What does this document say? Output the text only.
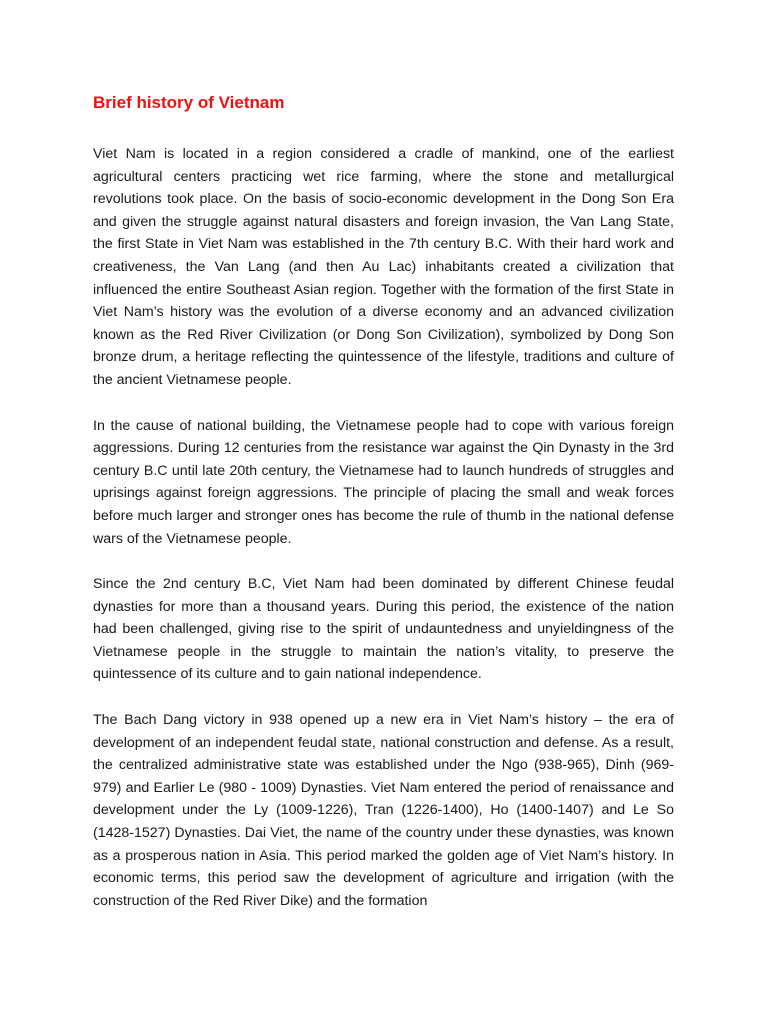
Brief history of Vietnam

Viet Nam is located in a region considered a cradle of mankind, one of the earliest agricultural centers practicing wet rice farming, where the stone and metallurgical revolutions took place. On the basis of socio-economic development in the Dong Son Era and given the struggle against natural disasters and foreign invasion, the Van Lang State, the first State in Viet Nam was established in the 7th century B.C. With their hard work and creativeness, the Van Lang (and then Au Lac) inhabitants created a civilization that influenced the entire Southeast Asian region. Together with the formation of the first State in Viet Nam’s history was the evolution of a diverse economy and an advanced civilization known as the Red River Civilization (or Dong Son Civilization), symbolized by Dong Son bronze drum, a heritage reflecting the quintessence of the lifestyle, traditions and culture of the ancient Vietnamese people.

In the cause of national building, the Vietnamese people had to cope with various foreign aggressions. During 12 centuries from the resistance war against the Qin Dynasty in the 3rd century B.C until late 20th century, the Vietnamese had to launch hundreds of struggles and uprisings against foreign aggressions. The principle of placing the small and weak forces before much larger and stronger ones has become the rule of thumb in the national defense wars of the Vietnamese people.

Since the 2nd century B.C, Viet Nam had been dominated by different Chinese feudal dynasties for more than a thousand years. During this period, the existence of the nation had been challenged, giving rise to the spirit of undauntedness and unyieldingness of the Vietnamese people in the struggle to maintain the nation’s vitality, to preserve the quintessence of its culture and to gain national independence.

The Bach Dang victory in 938 opened up a new era in Viet Nam’s history – the era of development of an independent feudal state, national construction and defense. As a result, the centralized administrative state was established under the Ngo (938-965), Dinh (969-979) and Earlier Le (980 - 1009) Dynasties. Viet Nam entered the period of renaissance and development under the Ly (1009-1226), Tran (1226-1400), Ho (1400-1407) and Le So (1428-1527) Dynasties. Dai Viet, the name of the country under these dynasties, was known as a prosperous nation in Asia. This period marked the golden age of Viet Nam’s history. In economic terms, this period saw the development of agriculture and irrigation (with the construction of the Red River Dike) and the formation
